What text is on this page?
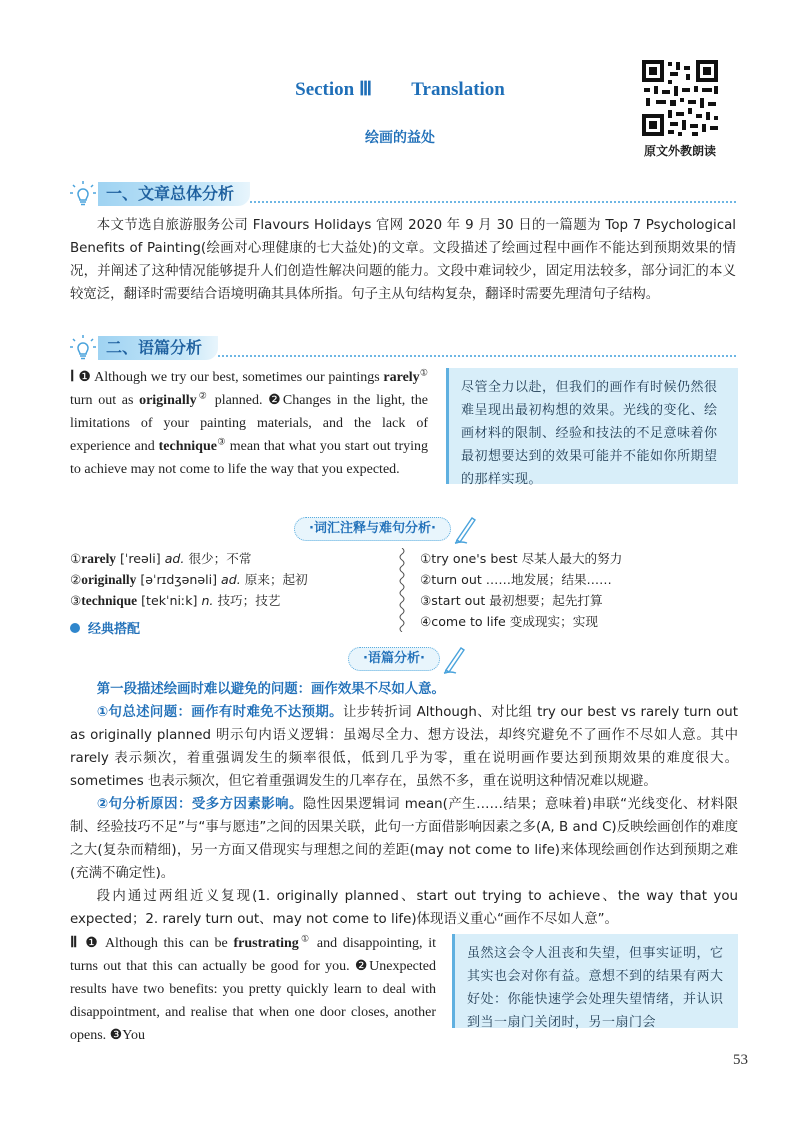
Section Ⅲ Translation
绘画的益处
原文外教朗读
一、文章总体分析
本文节选自旅游服务公司 Flavours Holidays 官网 2020 年 9 月 30 日的一篇题为 Top 7 Psychological Benefits of Painting(绘画对心理健康的七大益处)的文章。文段描述了绘画过程中画作不能达到预期效果的情况，并阐述了这种情况能够提升人们创造性解决问题的能力。文段中难词较少，固定用法较多，部分词汇的本义较宽泛，翻译时需要结合语境明确其具体所指。句子主从句结构复杂，翻译时需要先理清句子结构。
二、语篇分析
Ⅰ ❶ Although we try our best, sometimes our paintings rarely① turn out as originally② planned. ❷Changes in the light, the limitations of your painting materials, and the lack of experience and technique③ mean that what you start out trying to achieve may not come to life the way that you expected.
尽管全力以赴，但我们的画作有时候仍然很难呈现出最初构想的效果。光线的变化、绘画材料的限制、经验和技法的不足意味着你最初想要达到的效果可能并不能如你所期望的那样实现。
·词汇注释与难句分析·
①rarely [ˈreəli] ad. 很少；不常
②originally [əˈrɪdʒənəli] ad. 原来；起初
③technique [tekˈniːk] n. 技巧；技艺
①try one's best 尽某人最大的努力
②turn out ……地发展；结果……
③start out 最初想要；起先打算
④come to life 变成现实；实现
经典搭配
·语篇分析·
第一段描述绘画时难以避免的问题：画作效果不尽如人意。
①句总述问题：画作有时难免不达预期。让步转折词 Although、对比组 try our best vs rarely turn out as originally planned 明示句内语义逻辑：虽竭尽全力、想方设法，却终究避免不了画作不尽如人意。其中 rarely 表示频次，着重强调发生的频率很低，低到几乎为零，重在说明画作要达到预期效果的难度很大。sometimes 也表示频次，但它着重强调发生的几率存在，虽然不多，重在说明这种情况难以规避。
②句分析原因：受多方因素影响。隐性因果逻辑词 mean(产生……结果；意味着)串联“光线变化、材料限制、经验技巧不足”与“事与愿违”之间的因果关联，此句一方面借影响因素之多(A, B and C)反映绘画创作的难度之大(复杂而精细)，另一方面又借现实与理想之间的差距(may not come to life)来体现绘画创作达到预期之难(充满不确定性)。
段内通过两组近义复现(1. originally planned、start out trying to achieve、the way that you expected；2. rarely turn out、may not come to life)体现语义重心“画作不尽如人意”。
Ⅱ ❶ Although this can be frustrating① and disappointing, it turns out that this can actually be good for you. ❷Unexpected results have two benefits: you pretty quickly learn to deal with disappointment, and realise that when one door closes, another opens. ❸You
虽然这会令人沮丧和失望，但事实证明，它其实也会对你有益。意想不到的结果有两大好处：你能快速学会处理失望情绪，并认识到当一扇门关闭时，另一扇门会
53
